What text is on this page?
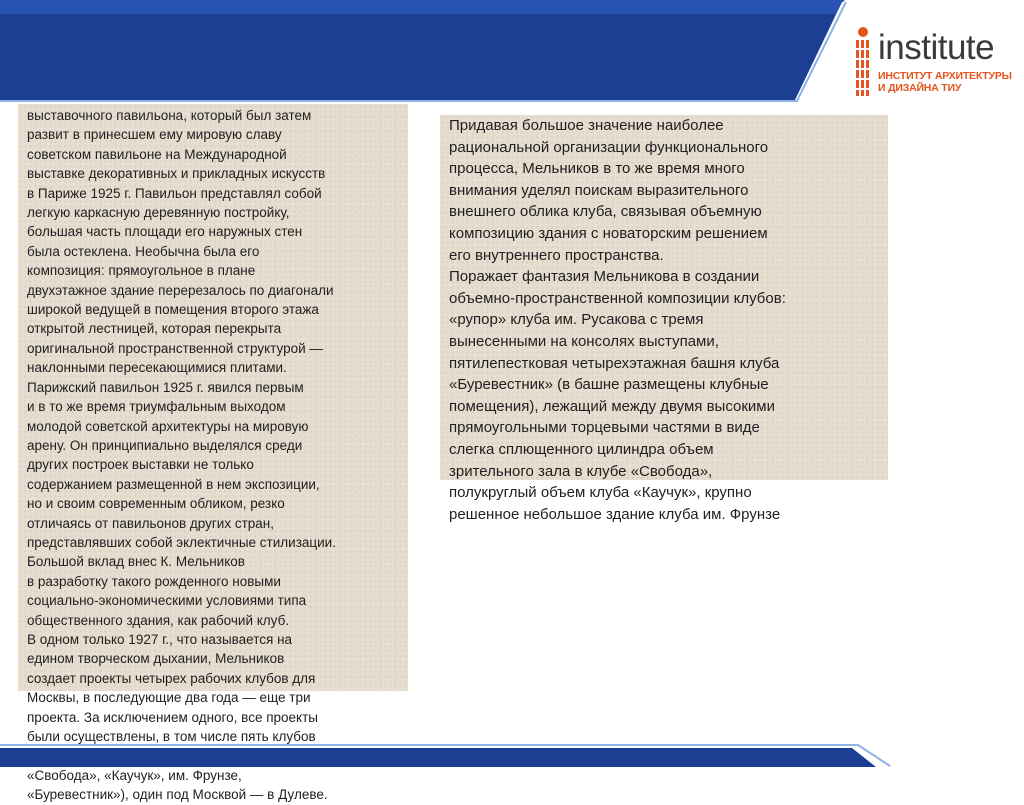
institute
ИНСТИТУТ АРХИТЕКТУРЫ
И ДИЗАЙНА ТИУ
выставочного павильона, который был затем
развит в принесшем ему мировую славу
советском павильоне на Международной
выставке декоративных и прикладных искусств
в Париже 1925 г. Павильон представлял собой
легкую каркасную деревянную постройку,
большая часть площади его наружных стен
была остеклена. Необычна была его
композиция: прямоугольное в плане
двухэтажное здание перерезалось по диагонали
широкой ведущей в помещения второго этажа
открытой лестницей, которая перекрыта
оригинальной пространственной структурой —
наклонными пересекающимися плитами.
Парижский павильон 1925 г. явился первым
и в то же время триумфальным выходом
молодой советской архитектуры на мировую
арену. Он принципиально выделялся среди
других построек выставки не только
содержанием размещенной в нем экспозиции,
но и своим современным обликом, резко
отличаясь от павильонов других стран,
представлявших собой эклектичные стилизации.
Большой вклад внес К. Мельников
в разработку такого рожденного новыми
социально-экономическими условиями типа
общественного здания, как рабочий клуб.
В одном только 1927 г., что называется на
едином творческом дыхании, Мельников
создает проекты четырех рабочих клубов для
Москвы, в последующие два года — еще три
проекта. За исключением одного, все проекты
были осуществлены, в том числе пять клубов
«Свобода», «Каучук», им. Фрунзе,
«Буревестник»), один под Москвой — в Дулеве.
Придавая большое значение наиболее
рациональной организации функционального
процесса, Мельников в то же время много
внимания уделял поискам выразительного
внешнего облика клуба, связывая объемную
композицию здания с новаторским решением
его внутреннего пространства.
Поражает фантазия Мельникова в создании
объемно-пространственной композиции клубов:
«рупор» клуба им. Русакова с тремя
вынесенными на консолях выступами,
пятилепестковая четырехэтажная башня клуба
«Буревестник» (в башне размещены клубные
помещения), лежащий между двумя высокими
прямоугольными торцевыми частями в виде
слегка сплющенного цилиндра объем
зрительного зала в клубе «Свобода»,
полукруглый объем клуба «Каучук», крупно
решенное небольшое здание клуба им. Фрунзе
